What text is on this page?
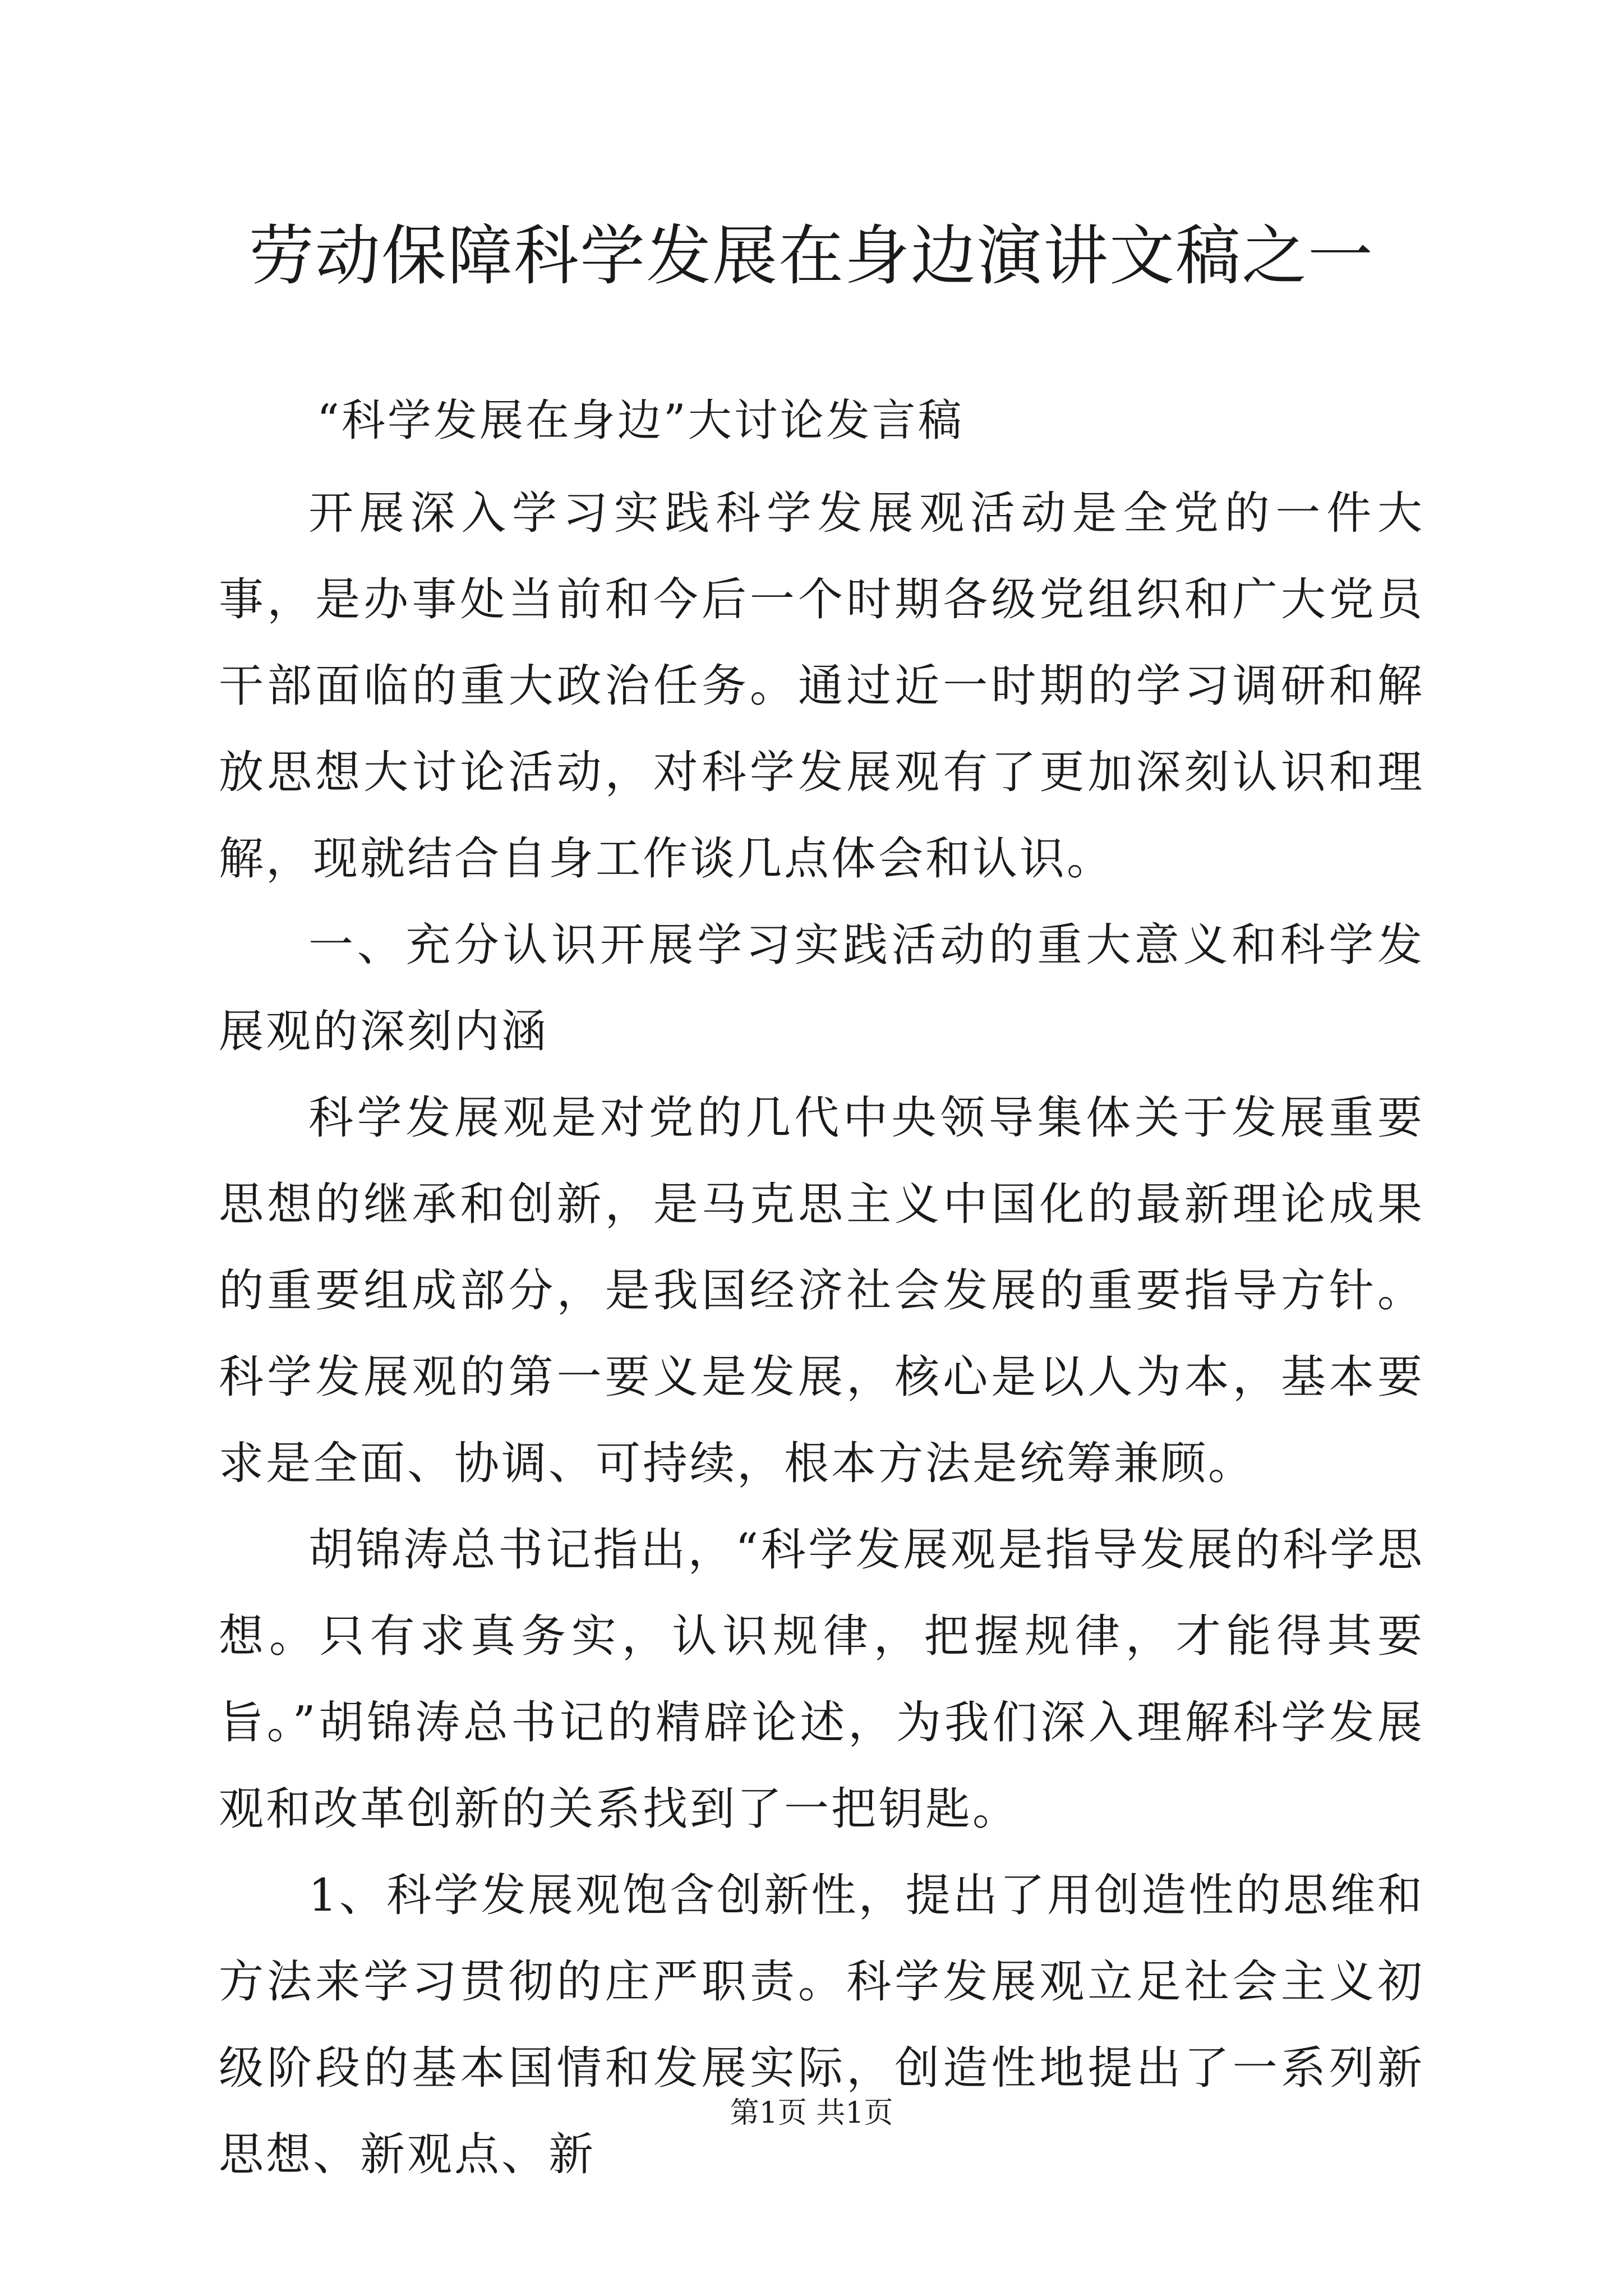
劳动保障科学发展在身边演讲文稿之一

“科学发展在身边”大讨论发言稿

开展深入学习实践科学发展观活动是全党的一件大事，是办事处当前和今后一个时期各级党组织和广大党员干部面临的重大政治任务。通过近一时期的学习调研和解放思想大讨论活动，对科学发展观有了更加深刻认识和理解，现就结合自身工作谈几点体会和认识。

一、充分认识开展学习实践活动的重大意义和科学发展观的深刻内涵

科学发展观是对党的几代中央领导集体关于发展重要思想的继承和创新，是马克思主义中国化的最新理论成果的重要组成部分，是我国经济社会发展的重要指导方针。科学发展观的第一要义是发展，核心是以人为本，基本要求是全面、协调、可持续，根本方法是统筹兼顾。

胡锦涛总书记指出，“科学发展观是指导发展的科学思想。只有求真务实，认识规律，把握规律，才能得其要旨。”胡锦涛总书记的精辟论述，为我们深入理解科学发展观和改革创新的关系找到了一把钥匙。

1、科学发展观饱含创新性，提出了用创造性的思维和方法来学习贯彻的庄严职责。科学发展观立足社会主义初级阶段的基本国情和发展实际，创造性地提出了一系列新思想、新观点、新

第1页 共1页
